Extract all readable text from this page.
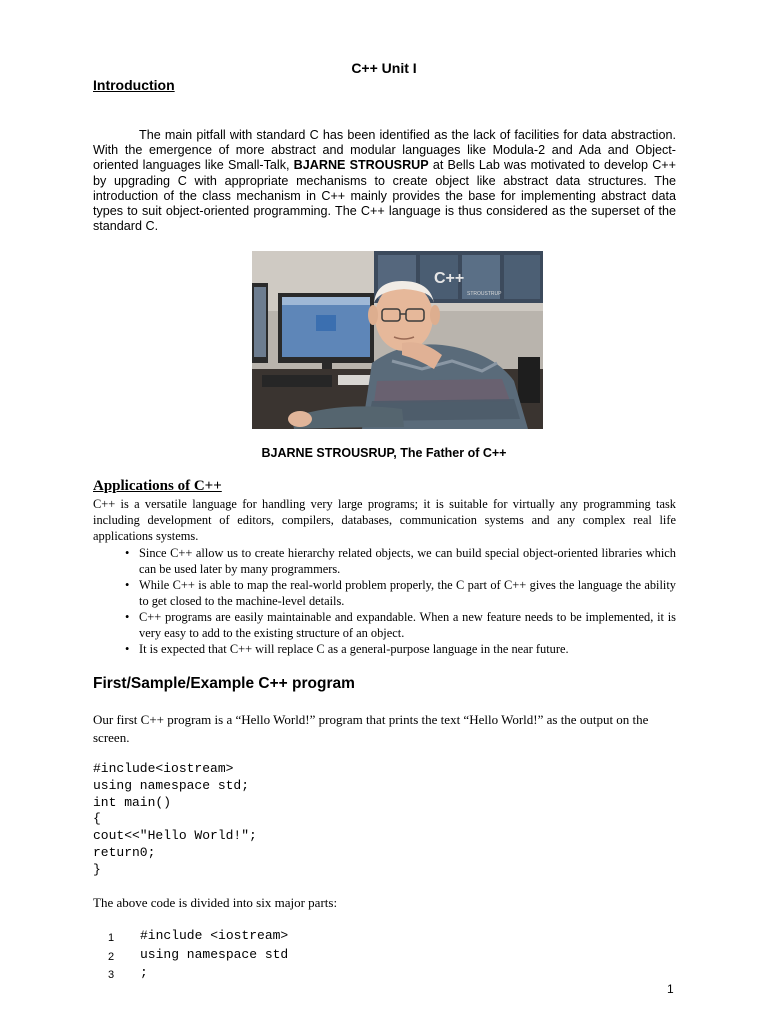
C++ Unit I
Introduction
The main pitfall with standard C has been identified as the lack of facilities for data abstraction. With the emergence of more abstract and modular languages like Modula-2 and Ada and Object-oriented languages like Small-Talk, BJARNE STROUSRUP at Bells Lab was motivated to develop C++ by upgrading C with appropriate mechanisms to create object like abstract data structures. The introduction of the class mechanism in C++ mainly provides the base for implementing abstract data types to suit object-oriented programming. The C++ language is thus considered as the superset of the standard C.
C++
STROUSTRUP
BJARNE STROUSRUP, The Father of C++
Applications of C++
C++ is a versatile language for handling very large programs; it is suitable for virtually any programming task including development of editors, compilers, databases, communication systems and any complex real life applications systems.
• Since C++ allow us to create hierarchy related objects, we can build special object-oriented libraries which can be used later by many programmers.
• While C++ is able to map the real-world problem properly, the C part of C++ gives the language the ability to get closed to the machine-level details.
• C++ programs are easily maintainable and expandable. When a new feature needs to be implemented, it is very easy to add to the existing structure of an object.
• It is expected that C++ will replace C as a general-purpose language in the near future.
First/Sample/Example C++ program
Our first C++ program is a “Hello World!” program that prints the text “Hello World!” as the output on the screen.
#include<iostream>
using namespace std;
int main()
{
cout<<"Hello World!";
return0;
}
The above code is divided into six major parts:
1	#include <iostream>
2	using namespace std
3	;
1
